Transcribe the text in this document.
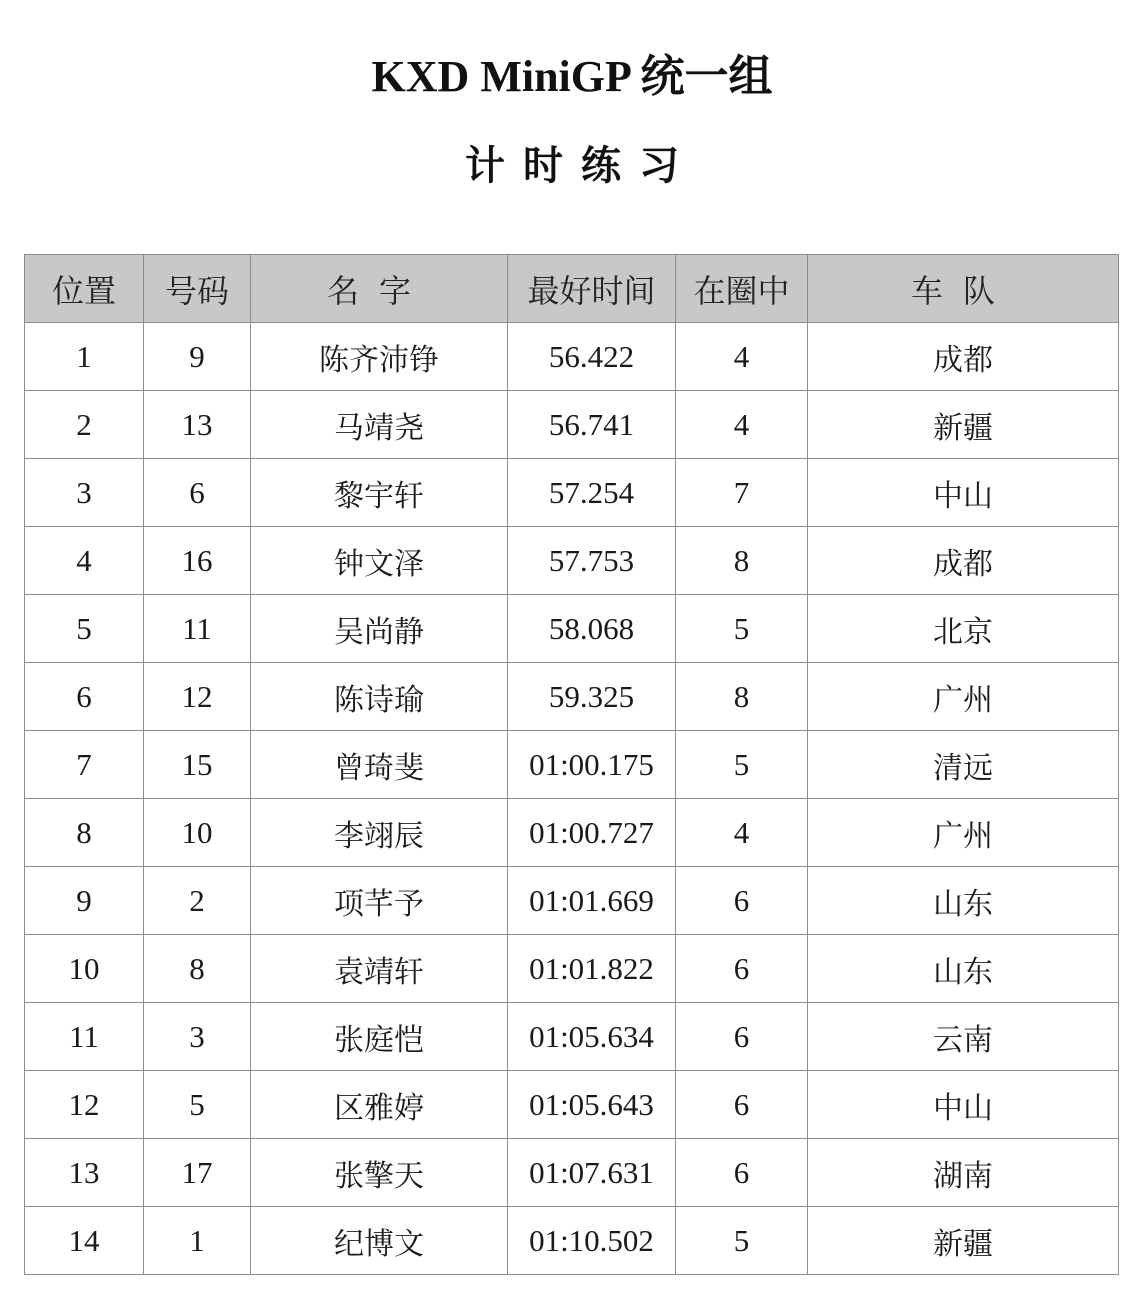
KXD MiniGP 统一组
计时练习
位置	号码	名字	最好时间	在圈中	车队
1	9	陈齐沛铮	56.422	4	成都
2	13	马靖尧	56.741	4	新疆
3	6	黎宇轩	57.254	7	中山
4	16	钟文泽	57.753	8	成都
5	11	吴尚静	58.068	5	北京
6	12	陈诗瑜	59.325	8	广州
7	15	曾琦斐	01:00.175	5	清远
8	10	李翊辰	01:00.727	4	广州
9	2	项芊予	01:01.669	6	山东
10	8	袁靖轩	01:01.822	6	山东
11	3	张庭恺	01:05.634	6	云南
12	5	区雅婷	01:05.643	6	中山
13	17	张擎天	01:07.631	6	湖南
14	1	纪博文	01:10.502	5	新疆
